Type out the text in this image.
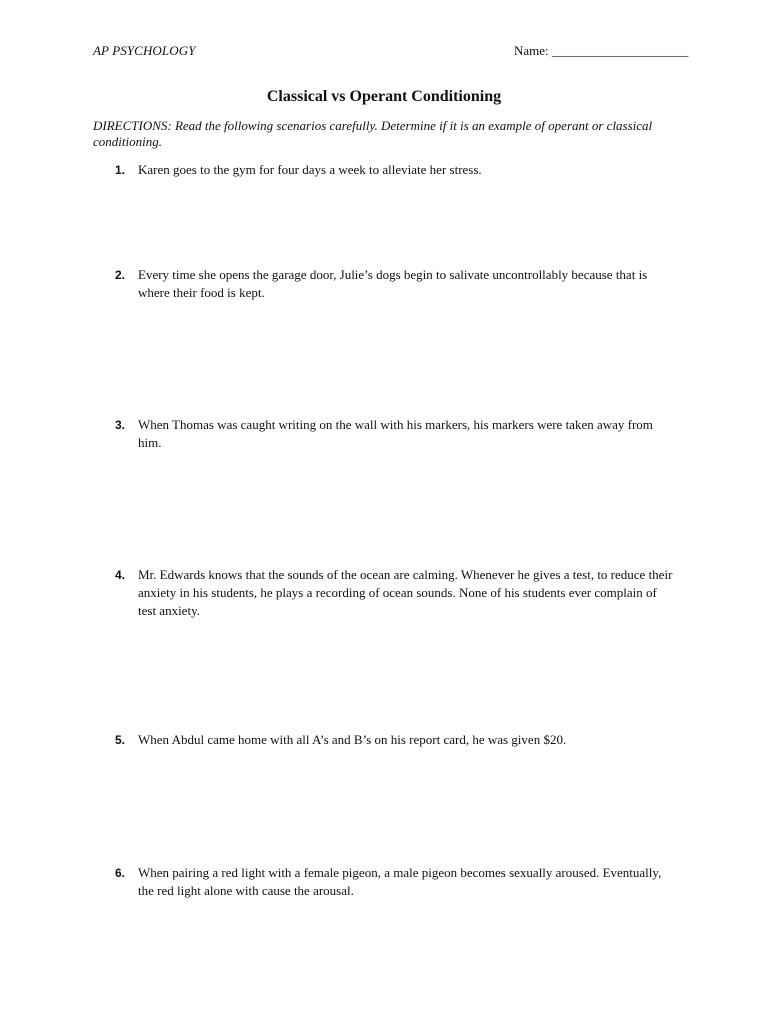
AP PSYCHOLOGY	Name: _____________________
Classical vs Operant Conditioning
DIRECTIONS: Read the following scenarios carefully. Determine if it is an example of operant or classical conditioning.
1. Karen goes to the gym for four days a week to alleviate her stress.
2. Every time she opens the garage door, Julie’s dogs begin to salivate uncontrollably because that is where their food is kept.
3. When Thomas was caught writing on the wall with his markers, his markers were taken away from him.
4. Mr. Edwards knows that the sounds of the ocean are calming. Whenever he gives a test, to reduce their anxiety in his students, he plays a recording of ocean sounds. None of his students ever complain of test anxiety.
5. When Abdul came home with all A’s and B’s on his report card, he was given $20.
6. When pairing a red light with a female pigeon, a male pigeon becomes sexually aroused. Eventually, the red light alone with cause the arousal.
